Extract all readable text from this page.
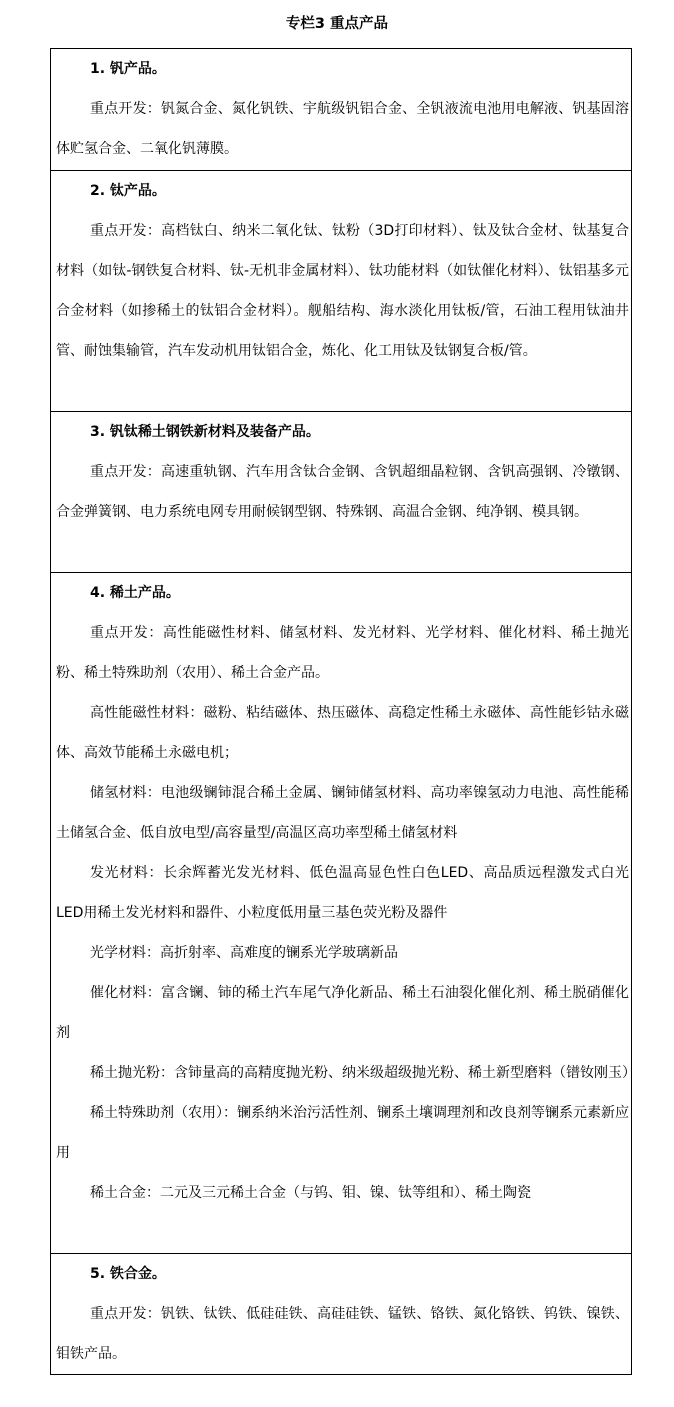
专栏3 重点产品
1. 钒产品。

重点开发：钒氮合金、氮化钒铁、宇航级钒铝合金、全钒液流电池用电解液、钒基固溶体贮氢合金、二氧化钒薄膜。

2. 钛产品。

重点开发：高档钛白、纳米二氧化钛、钛粉（3D打印材料）、钛及钛合金材、钛基复合材料（如钛-钢铁复合材料、钛-无机非金属材料）、钛功能材料（如钛催化材料）、钛铝基多元合金材料（如掺稀土的钛铝合金材料）。舰船结构、海水淡化用钛板/管，石油工程用钛油井管、耐蚀集输管，汽车发动机用钛铝合金，炼化、化工用钛及钛钢复合板/管。

3. 钒钛稀土钢铁新材料及装备产品。

重点开发：高速重轨钢、汽车用含钛合金钢、含钒超细晶粒钢、含钒高强钢、冷镦钢、合金弹簧钢、电力系统电网专用耐候钢型钢、特殊钢、高温合金钢、纯净钢、模具钢。

4. 稀土产品。

重点开发：高性能磁性材料、储氢材料、发光材料、光学材料、催化材料、稀土抛光粉、稀土特殊助剂（农用）、稀土合金产品。

高性能磁性材料：磁粉、粘结磁体、热压磁体、高稳定性稀土永磁体、高性能钐钴永磁体、高效节能稀土永磁电机；

储氢材料：电池级镧铈混合稀土金属、镧铈储氢材料、高功率镍氢动力电池、高性能稀土储氢合金、低自放电型/高容量型/高温区高功率型稀土储氢材料

发光材料：长余辉蓄光发光材料、低色温高显色性白色LED、高品质远程激发式白光LED用稀土发光材料和器件、小粒度低用量三基色荧光粉及器件

光学材料：高折射率、高难度的镧系光学玻璃新品

催化材料：富含镧、铈的稀土汽车尾气净化新品、稀土石油裂化催化剂、稀土脱硝催化剂

稀土抛光粉：含铈量高的高精度抛光粉、纳米级超级抛光粉、稀土新型磨料（镨钕刚玉）

稀土特殊助剂（农用）：镧系纳米治污活性剂、镧系土壤调理剂和改良剂等镧系元素新应用

稀土合金：二元及三元稀土合金（与钨、钼、镍、钛等组和）、稀土陶瓷

5. 铁合金。

重点开发：钒铁、钛铁、低硅硅铁、高硅硅铁、锰铁、铬铁、氮化铬铁、钨铁、镍铁、钼铁产品。
